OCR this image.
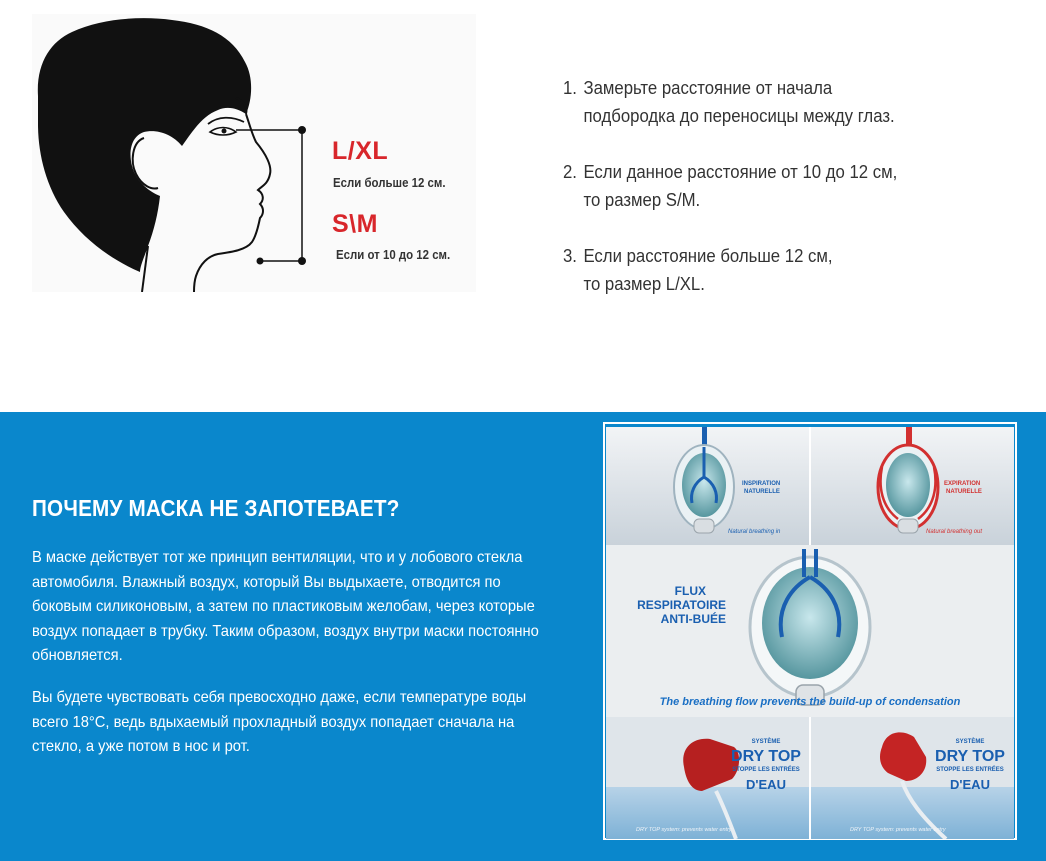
L/XL
Если больше 12 см.
S\M
Если от 10 до 12 см.
1. Замерьте расстояние от начала
подбородка до переносицы между глаз.
2. Если данное расстояние от 10 до 12 см,
то размер S/M.
3. Если расстояние больше 12 см,
то размер L/XL.
ПОЧЕМУ МАСКА НЕ ЗАПОТЕВАЕТ?

В маске действует тот же принцип вентиляции, что и у лобового стекла автомобиля. Влажный воздух, который Вы выдыхаете, отводится по боковым силиконовым, а затем по пластиковым желобам, через которые воздух попадает в трубку. Таким образом, воздух внутри маски постоянно обновляется.

Вы будете чувствовать себя превосходно даже, если температуре воды всего 18°C, ведь вдыхаемый прохладный воздух попадает сначала на стекло, а уже потом в нос и рот.

INSPIRATION
NATURELLE
Natural breathing in
EXPIRATION
NATURELLE
Natural breathing out
FLUX
RESPIRATOIRE
ANTI-BUÉE
The breathing flow prevents the build-up of condensation
SYSTÈME
DRY TOP
STOPPE LES ENTRÉES
D'EAU
DRY TOP system: prevents water entry
SYSTÈME
DRY TOP
STOPPE LES ENTRÉES
D'EAU
DRY TOP system: prevents water entry
